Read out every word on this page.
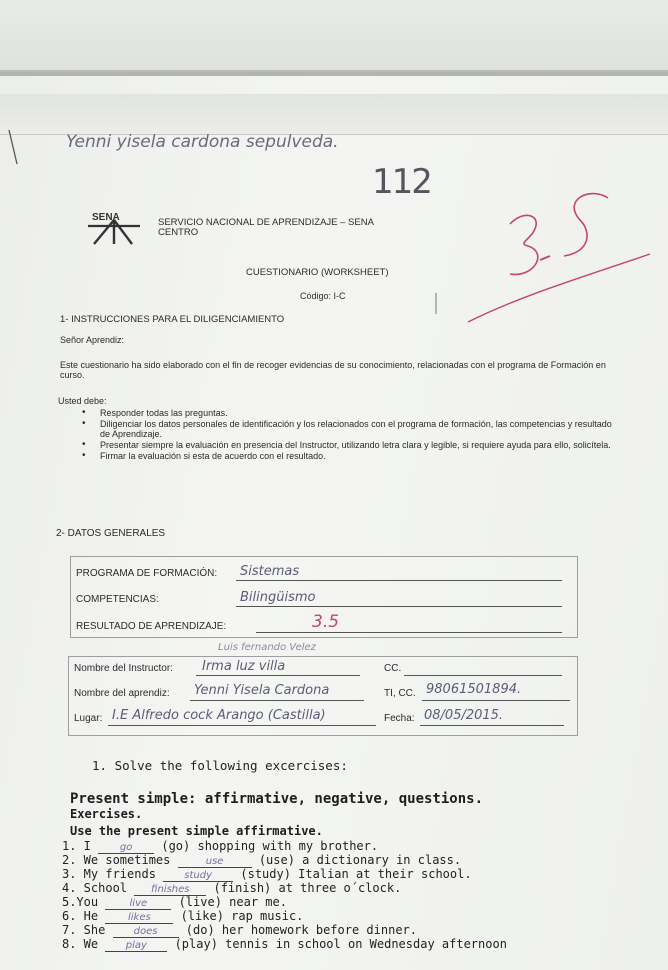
Yenni yisela cardona sepulveda.
112
SENA	SERVICIO NACIONAL DE APRENDIZAJE – SENA
CENTRO
CUESTIONARIO (WORKSHEET)
Código: I-C
1- INSTRUCCIONES PARA EL DILIGENCIAMIENTO
Señor Aprendiz:
Este cuestionario ha sido elaborado con el fin de recoger evidencias de su conocimiento, relacionadas con el programa de Formación en curso.
Usted debe:
• Responder todas las preguntas.
• Diligenciar los datos personales de identificación y los relacionados con el programa de formación, las competencias y resultado de Aprendizaje.
• Presentar siempre la evaluación en presencia del Instructor, utilizando letra clara y legible, si requiere ayuda para ello, solicítela.
• Firmar la evaluación si esta de acuerdo con el resultado.
2- DATOS GENERALES
PROGRAMA DE FORMACIÓN: Sistemas
COMPETENCIAS:	Bilingüismo
RESULTADO DE APRENDIZAJE:	3.5
Luis fernando Velez
Nombre del Instructor: Irma luz villa	CC.
Nombre del aprendiz: Yenni Yisela Cardona	TI, CC. 98061501894.
Lugar: I.E Alfredo cock Arango (Castilla)	Fecha: 08/05/2015.
1. Solve the following excercises:
Present simple: affirmative, negative, questions.
Exercises.
Use the present simple affirmative.
1. I go (go) shopping with my brother.
2. We sometimes	use (use) a dictionary in class.
3. My friends study (study) Italian at their school.
4. School finishes (finish) at three o´clock.
5.You live (live) near me.
6. He likes (like) rap music.
7. She does (do) her homework before dinner.
8. We play (play) tennis in school on Wednesday afternoon
